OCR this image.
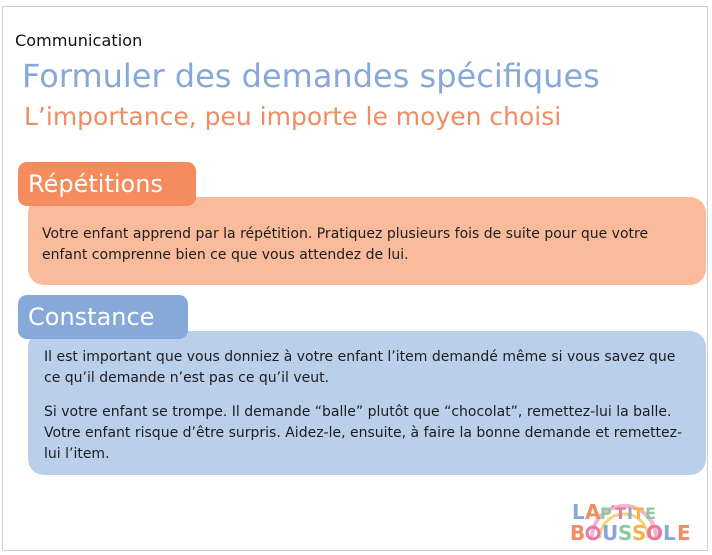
Communication
Formuler des demandes spécifiques
L’importance, peu importe le moyen choisi
Répétitions
Votre enfant apprend par la répétition. Pratiquez plusieurs fois de suite pour que votre enfant comprenne bien ce que vous attendez de lui.
Constance
Il est important que vous donniez à votre enfant l’item demandé même si vous savez que ce qu’il demande n’est pas ce qu’il veut.
Si votre enfant se trompe. Il demande “balle” plutôt que “chocolat”, remettez-lui la balle. Votre enfant risque d’être surpris. Aidez-le, ensuite, à faire la bonne demande et remettez-lui l’item.
L A P ’ T I T E
B U S S O L E
